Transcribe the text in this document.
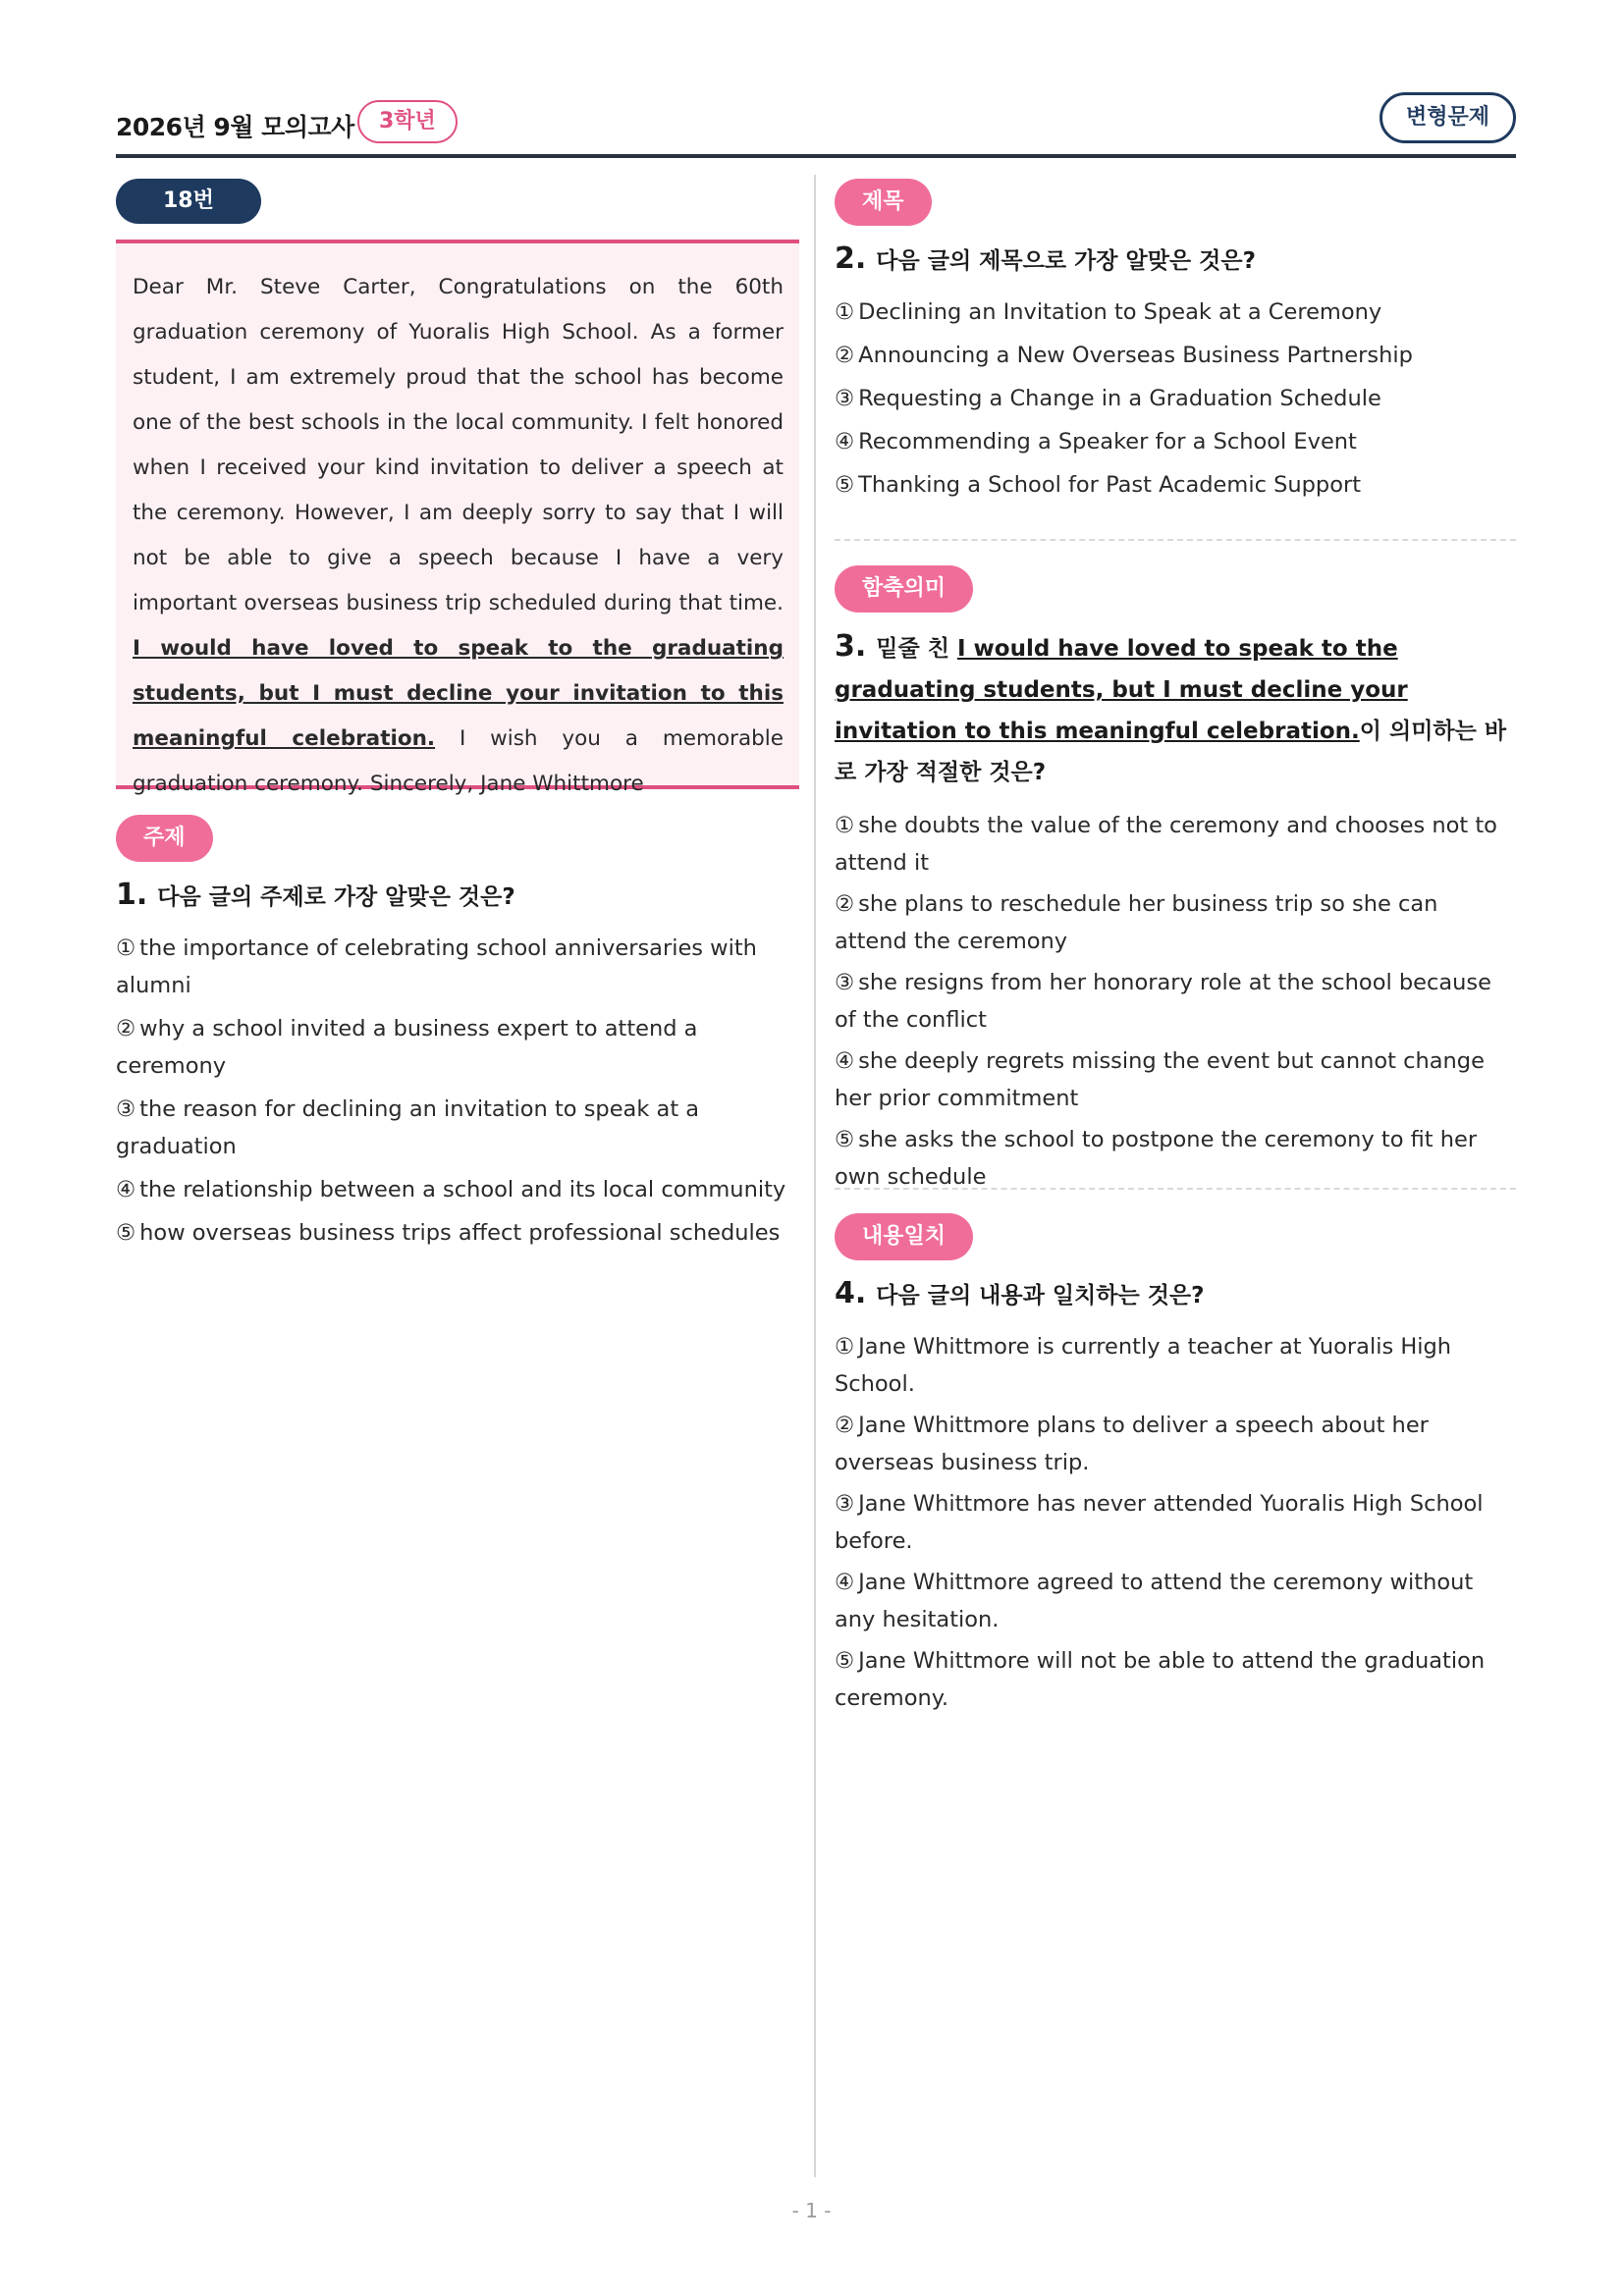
2026년 9월 모의고사	3학년	변형문제
18번

Dear Mr. Steve Carter, Congratulations on the 60th graduation ceremony of Yuoralis High School. As a former student, I am extremely proud that the school has become one of the best schools in the local community. I felt honored when I received your kind invitation to deliver a speech at the ceremony. However, I am deeply sorry to say that I will not be able to give a speech because I have a very important overseas business trip scheduled during that time. I would have loved to speak to the graduating students, but I must decline your invitation to this meaningful celebration. I wish you a memorable graduation ceremony. Sincerely, Jane Whittmore

주제
1. 다음 글의 주제로 가장 알맞은 것은?
① the importance of celebrating school anniversaries with alumni
② why a school invited a business expert to attend a ceremony
③ the reason for declining an invitation to speak at a graduation
④ the relationship between a school and its local community
⑤ how overseas business trips affect professional schedules
제목
2. 다음 글의 제목으로 가장 알맞은 것은?
① Declining an Invitation to Speak at a Ceremony
② Announcing a New Overseas Business Partnership
③ Requesting a Change in a Graduation Schedule
④ Recommending a Speaker for a School Event
⑤ Thanking a School for Past Academic Support
함축의미
3. 밑줄 친 I would have loved to speak to the graduating students, but I must decline your invitation to this meaningful celebration.이 의미하는 바로 가장 적절한 것은?
① she doubts the value of the ceremony and chooses not to attend it
② she plans to reschedule her business trip so she can attend the ceremony
③ she resigns from her honorary role at the school because of the conflict
④ she deeply regrets missing the event but cannot change her prior commitment
⑤ she asks the school to postpone the ceremony to fit her own schedule
내용일치
4. 다음 글의 내용과 일치하는 것은?
① Jane Whittmore is currently a teacher at Yuoralis High School.
② Jane Whittmore plans to deliver a speech about her overseas business trip.
③ Jane Whittmore has never attended Yuoralis High School before.
④ Jane Whittmore agreed to attend the ceremony without any hesitation.
⑤ Jane Whittmore will not be able to attend the graduation ceremony.
- 1 -
